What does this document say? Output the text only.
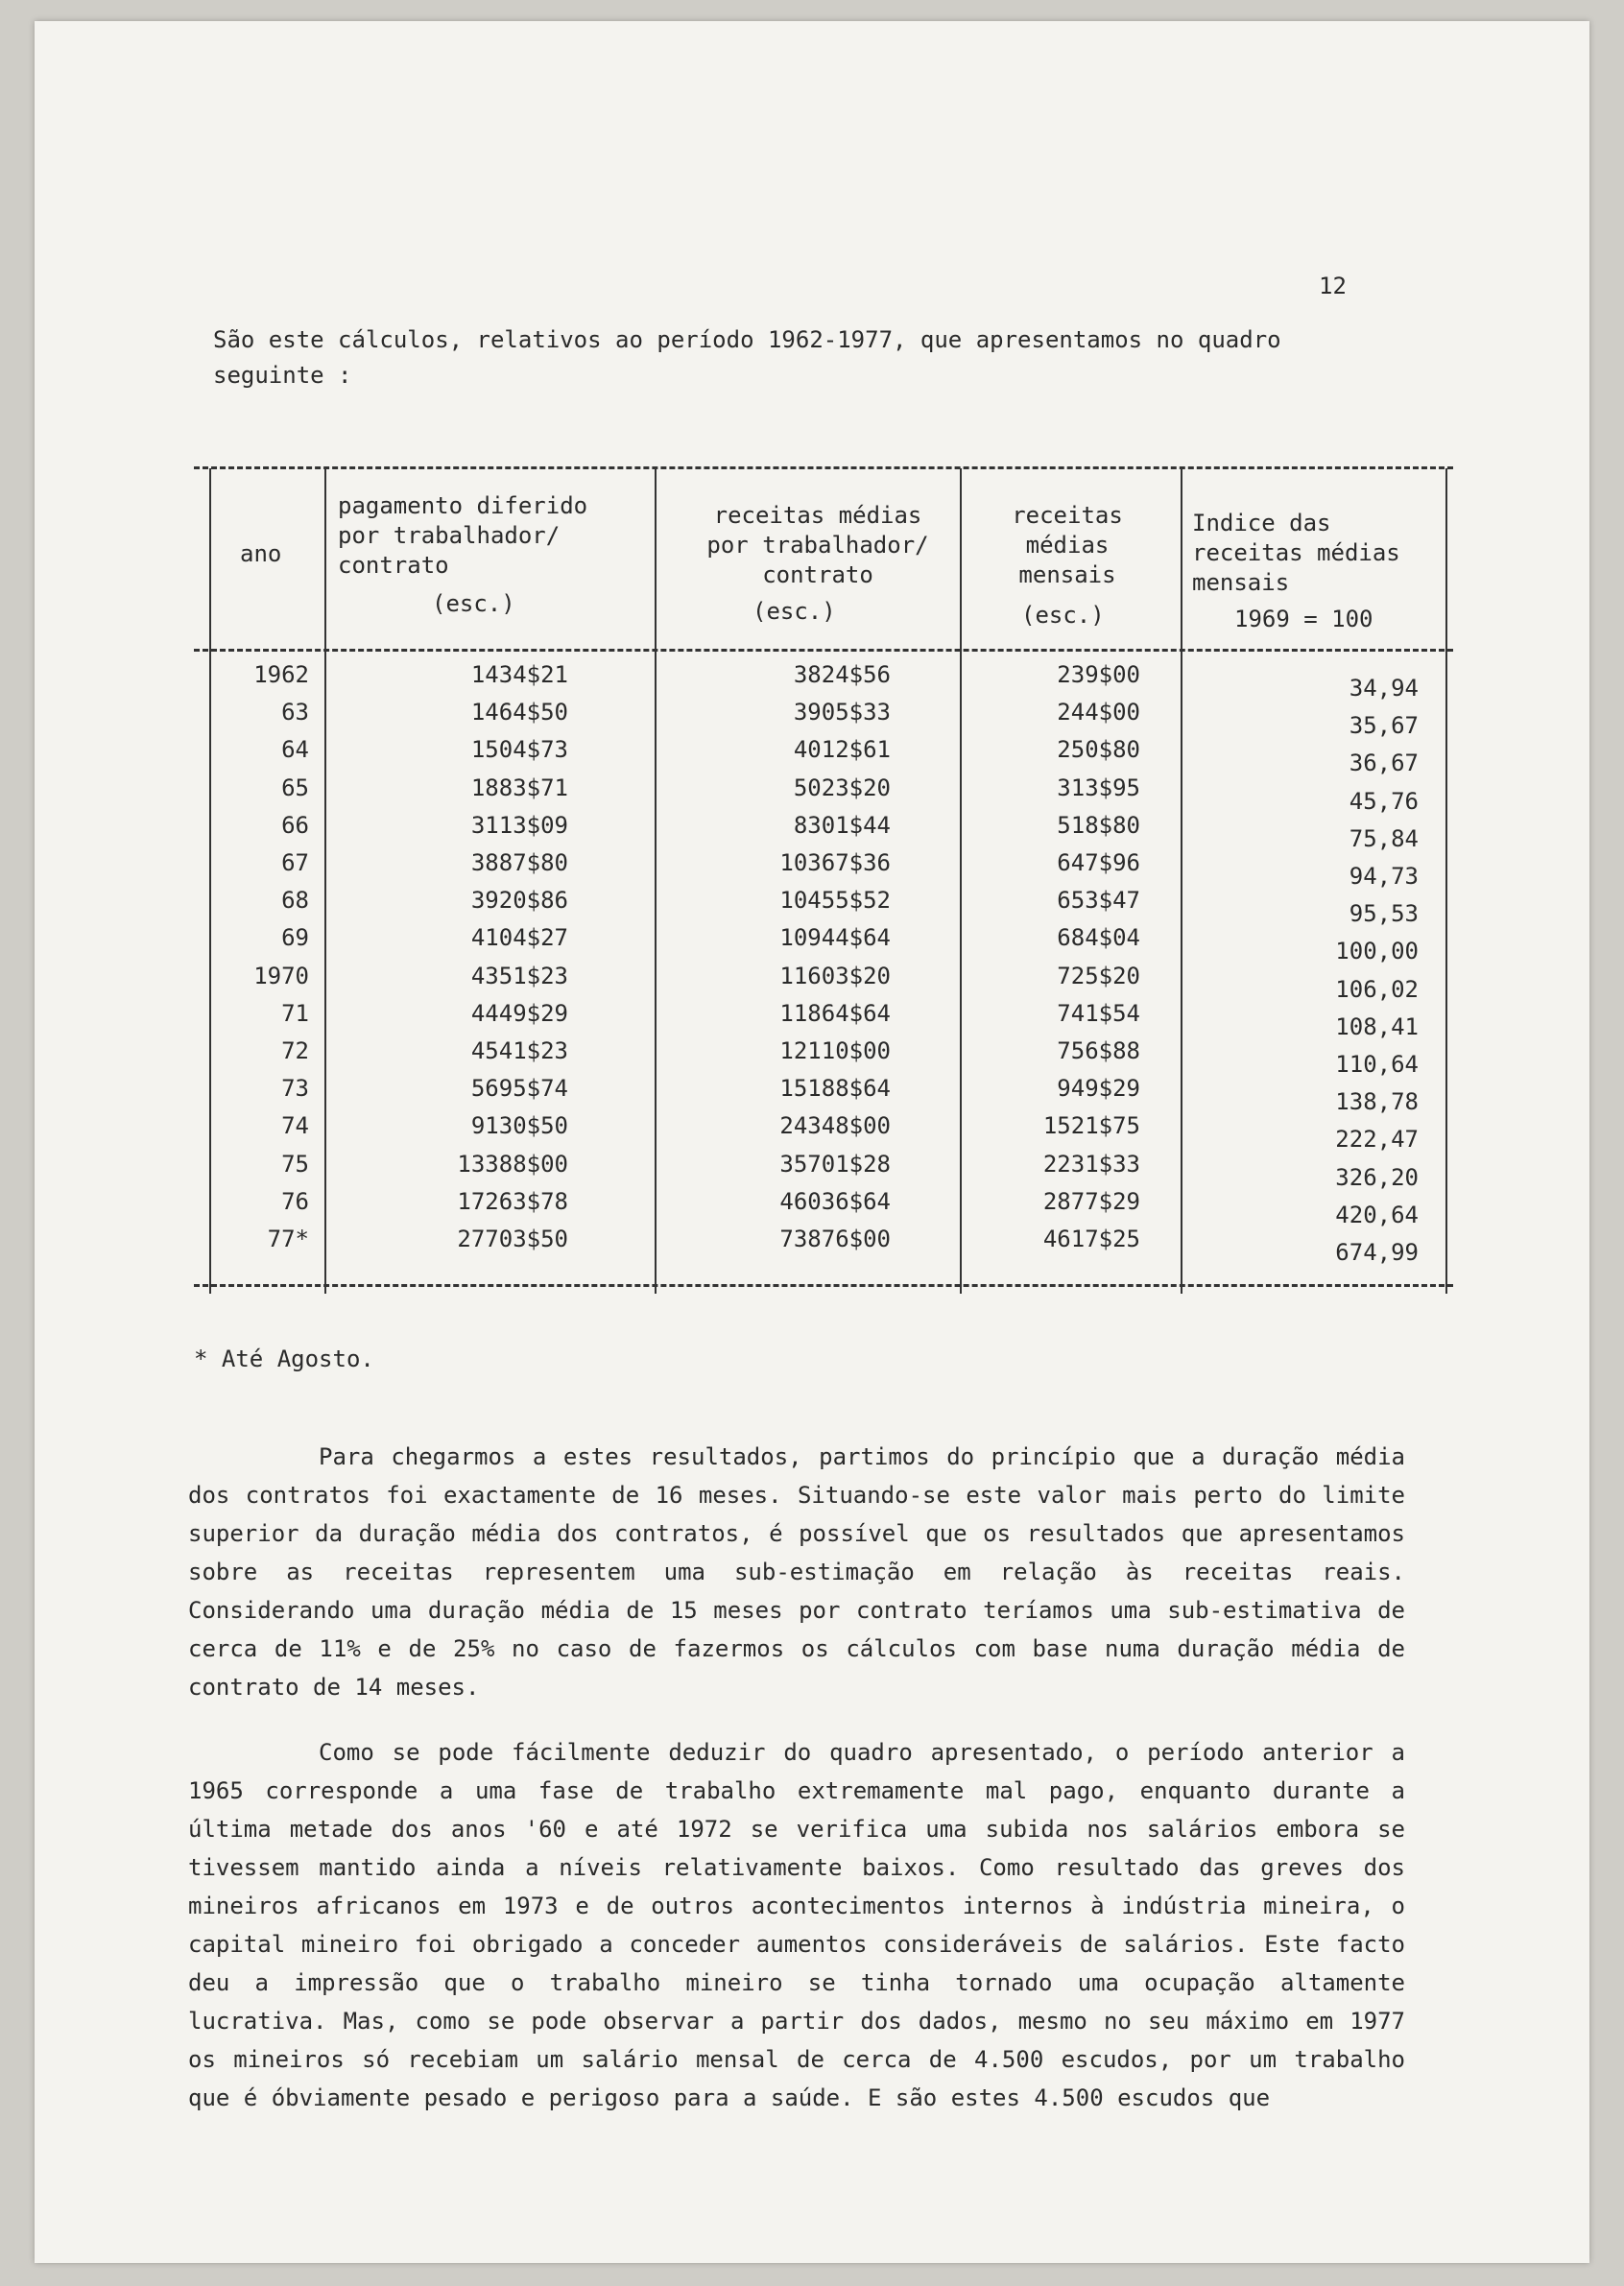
12

São este cálculos, relativos ao período 1962-1977, que apresentamos no quadro seguinte :

ano
pagamento diferido por trabalhador/ contrato
(esc.)
receitas médias por trabalhador/ contrato
(esc.)
receitas médias mensais
(esc.)
Indice das receitas médias mensais
1969 = 100
1962
63
64
65
66
67
68
69
1970
71
72
73
74
75
76
77*
1434$21
1464$50
1504$73
1883$71
3113$09
3887$80
3920$86
4104$27
4351$23
4449$29
4541$23
5695$74
9130$50
13388$00
17263$78
27703$50
3824$56
3905$33
4012$61
5023$20
8301$44
10367$36
10455$52
10944$64
11603$20
11864$64
12110$00
15188$64
24348$00
35701$28
46036$64
73876$00
239$00
244$00
250$80
313$95
518$80
647$96
653$47
684$04
725$20
741$54
756$88
949$29
1521$75
2231$33
2877$29
4617$25
34,94
35,67
36,67
45,76
75,84
94,73
95,53
100,00
106,02
108,41
110,64
138,78
222,47
326,20
420,64
674,99
* Até Agosto.

Para chegarmos a estes resultados, partimos do princípio que a duração média dos contratos foi exactamente de 16 meses. Situando-se este valor mais perto do limite superior da duração média dos contratos, é possível que os resultados que apresentamos sobre as receitas representem uma sub-estimação em relação às receitas reais. Considerando uma duração média de 15 meses por contrato teríamos uma sub-estimativa de cerca de 11% e de 25% no caso de fazermos os cálculos com base numa duração média de contrato de 14 meses.

Como se pode fácilmente deduzir do quadro apresentado, o período anterior a 1965 corresponde a uma fase de trabalho extremamente mal pago, enquanto durante a última metade dos anos '60 e até 1972 se verifica uma subida nos salários embora se tivessem mantido ainda a níveis relativamente baixos. Como resultado das greves dos mineiros africanos em 1973 e de outros acontecimentos internos à indústria mineira, o capital mineiro foi obrigado a conceder aumentos consideráveis de salários. Este facto deu a impressão que o trabalho mineiro se tinha tornado uma ocupação altamente lucrativa. Mas, como se pode observar a partir dos dados, mesmo no seu máximo em 1977 os mineiros só recebiam um salário mensal de cerca de 4.500 escudos, por um trabalho que é óbviamente pesado e perigoso para a saúde. E são estes 4.500 escudos que
